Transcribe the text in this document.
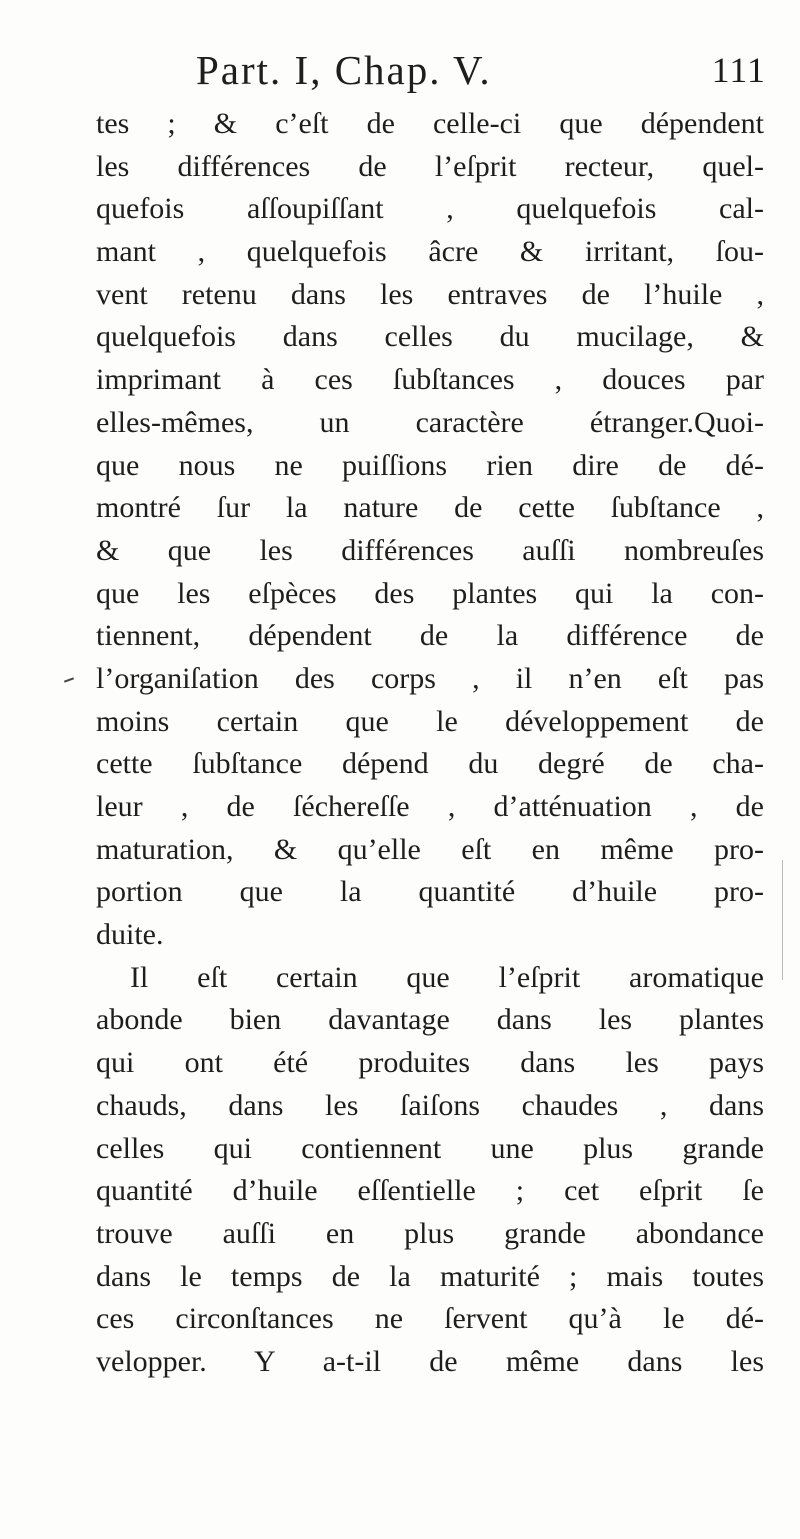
Part. I, Chap. V.	111
tes ; & c’eſt de celle-ci que dépendent
les différences de l’eſprit recteur, quel-
quefois aſſoupiſſant , quelquefois cal-
mant , quelquefois âcre & irritant, ſou-
vent retenu dans les entraves de l’huile ,
quelquefois dans celles du mucilage, &
imprimant à ces ſubſtances , douces par
elles-mêmes, un caractère étranger.Quoi-
que nous ne puiſſions rien dire de dé-
montré ſur la nature de cette ſubſtance ,
& que les différences auſſi nombreuſes
que les eſpèces des plantes qui la con-
tiennent, dépendent de la différence de
l’organiſation des corps , il n’en eſt pas
moins certain que le développement de
cette ſubſtance dépend du degré de cha-
leur , de ſéchereſſe , d’atténuation , de
maturation, & qu’elle eſt en même pro-
portion que la quantité d’huile pro-
duite.
Il eſt certain que l’eſprit aromatique
abonde bien davantage dans les plantes
qui ont été produites dans les pays
chauds, dans les ſaiſons chaudes , dans
celles qui contiennent une plus grande
quantité d’huile eſſentielle ; cet eſprit ſe
trouve auſſi en plus grande abondance
dans le temps de la maturité ; mais toutes
ces circonſtances ne ſervent qu’à le dé-
velopper. Y a-t-il de même dans les
